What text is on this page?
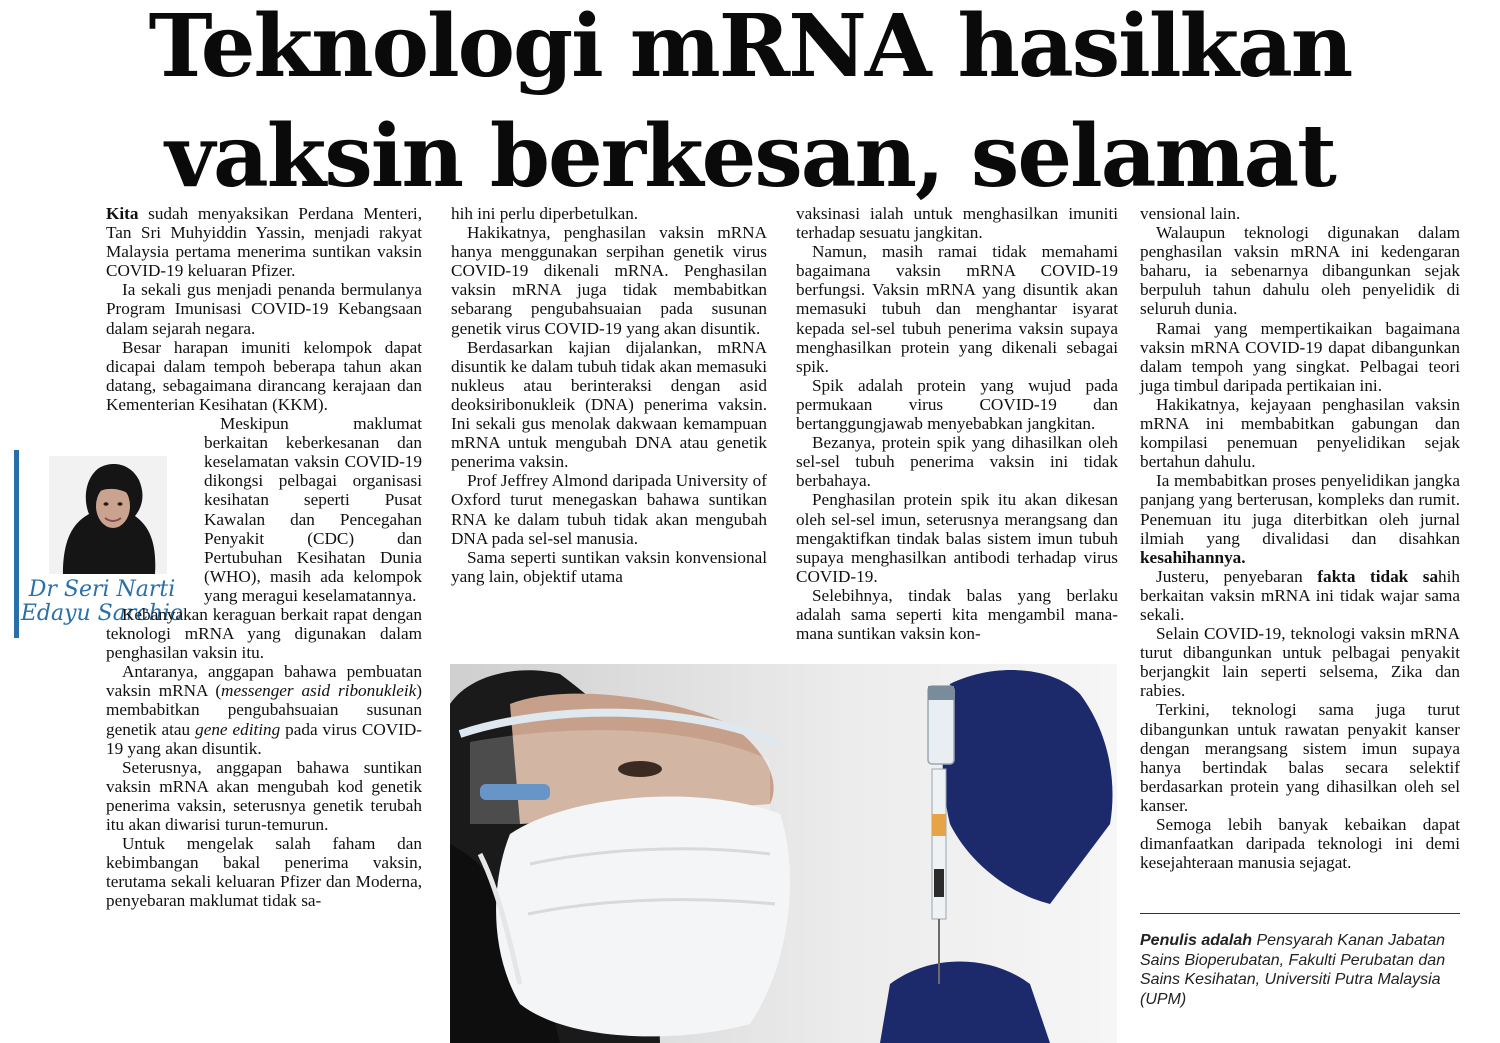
Teknologi mRNA hasilkan
vaksin berkesan, selamat
Dr Seri Narti
Edayu Sarchio

Kita sudah menyaksikan Perdana Menteri, Tan Sri Muhyiddin Yassin, menjadi rakyat Malaysia pertama menerima suntikan vaksin COVID-19 keluaran Pfizer.

Ia sekali gus menjadi penanda bermulanya Program Imunisasi COVID-19 Kebangsaan dalam sejarah negara.

Besar harapan imuniti kelompok dapat dicapai dalam tempoh beberapa tahun akan datang, sebagaimana dirancang kerajaan dan Kementerian Kesihatan (KKM).

Meskipun maklumat berkaitan keberkesanan dan keselamatan vaksin COVID-19 dikongsi pelbagai organisasi kesihatan seperti Pusat Kawalan dan Pencegahan Penyakit (CDC) dan Pertubuhan Kesihatan Dunia (WHO), masih ada kelompok yang meragui keselamatannya.

Kebanyakan keraguan berkait rapat dengan teknologi mRNA yang digunakan dalam penghasilan vaksin itu.

Antaranya, anggapan bahawa pembuatan vaksin mRNA (messenger asid ribonukleik) membabitkan pengubahsuaian susunan genetik atau gene editing pada virus COVID-19 yang akan disuntik.

Seterusnya, anggapan bahawa suntikan vaksin mRNA akan mengubah kod genetik penerima vaksin, seterusnya genetik terubah itu akan diwarisi turun-temurun.

Untuk mengelak salah faham dan kebimbangan bakal penerima vaksin, terutama sekali keluaran Pfizer dan Moderna, penyebaran maklumat tidak sa-

hih ini perlu diperbetulkan.

Hakikatnya, penghasilan vaksin mRNA hanya menggunakan serpihan genetik virus COVID-19 dikenali mRNA. Penghasilan vaksin mRNA juga tidak membabitkan sebarang pengubahsuaian pada susunan genetik virus COVID-19 yang akan disuntik.

Berdasarkan kajian dijalankan, mRNA disuntik ke dalam tubuh tidak akan memasuki nukleus atau berinteraksi dengan asid deoksiribonukleik (DNA) penerima vaksin. Ini sekali gus menolak dakwaan kemampuan mRNA untuk mengubah DNA atau genetik penerima vaksin.

Prof Jeffrey Almond daripada University of Oxford turut menegaskan bahawa suntikan RNA ke dalam tubuh tidak akan mengubah DNA pada sel-sel manusia.

Sama seperti suntikan vaksin konvensional yang lain, objektif utama

vaksinasi ialah untuk menghasilkan imuniti terhadap sesuatu jangkitan.

Namun, masih ramai tidak memahami bagaimana vaksin mRNA COVID-19 berfungsi. Vaksin mRNA yang disuntik akan memasuki tubuh dan menghantar isyarat kepada sel-sel tubuh penerima vaksin supaya menghasilkan protein yang dikenali sebagai spik.

Spik adalah protein yang wujud pada permukaan virus COVID-19 dan bertanggungjawab menyebabkan jangkitan.

Bezanya, protein spik yang dihasilkan oleh sel-sel tubuh penerima vaksin ini tidak berbahaya.

Penghasilan protein spik itu akan dikesan oleh sel-sel imun, seterusnya merangsang dan mengaktifkan tindak balas sistem imun tubuh supaya menghasilkan antibodi terhadap virus COVID-19.

Selebihnya, tindak balas yang berlaku adalah sama seperti kita mengambil mana-mana suntikan vaksin kon-

vensional lain.

Walaupun teknologi digunakan dalam penghasilan vaksin mRNA ini kedengaran baharu, ia sebenarnya dibangunkan sejak berpuluh tahun dahulu oleh penyelidik di seluruh dunia.

Ramai yang mempertikaikan bagaimana vaksin mRNA COVID-19 dapat dibangunkan dalam tempoh yang singkat. Pelbagai teori juga timbul daripada pertikaian ini.

Hakikatnya, kejayaan penghasilan vaksin mRNA ini membabitkan gabungan dan kompilasi penemuan penyelidikan sejak bertahun dahulu.

Ia membabitkan proses penyelidikan jangka panjang yang berterusan, kompleks dan rumit. Penemuan itu juga diterbitkan oleh jurnal ilmiah yang divalidasi dan disahkan kesahihannya.

Justeru, penyebaran fakta tidak sahih berkaitan vaksin mRNA ini tidak wajar sama sekali.

Selain COVID-19, teknologi vaksin mRNA turut dibangunkan untuk pelbagai penyakit berjangkit lain seperti selsema, Zika dan rabies.

Terkini, teknologi sama juga turut dibangunkan untuk rawatan penyakit kanser dengan merangsang sistem imun supaya hanya bertindak balas secara selektif berdasarkan protein yang dihasilkan oleh sel kanser.

Semoga lebih banyak kebaikan dapat dimanfaatkan daripada teknologi ini demi kesejahteraan manusia sejagat.

Penulis adalah Pensyarah Kanan Jabatan Sains Bioperubatan, Fakulti Perubatan dan Sains Kesihatan, Universiti Putra Malaysia (UPM)
